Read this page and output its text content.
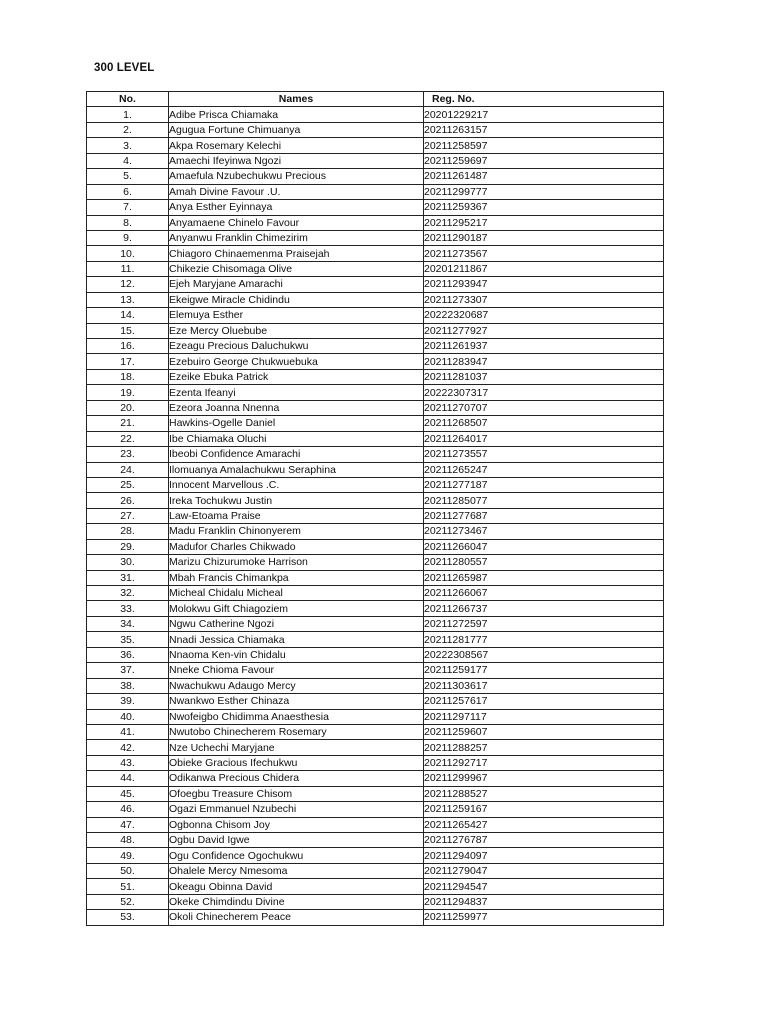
300 LEVEL
No.	Names	Reg. No.
1.	Adibe Prisca Chiamaka	20201229217
2.	Agugua Fortune Chimuanya	20211263157
3.	Akpa Rosemary Kelechi	20211258597
4.	Amaechi Ifeyinwa Ngozi	20211259697
5.	Amaefula Nzubechukwu Precious	20211261487
6.	Amah Divine Favour .U.	20211299777
7.	Anya Esther Eyinnaya	20211259367
8.	Anyamaene Chinelo Favour	20211295217
9.	Anyanwu Franklin Chimezirim	20211290187
10.	Chiagoro Chinaemenma Praisejah	20211273567
11.	Chikezie Chisomaga Olive	20201211867
12.	Ejeh Maryjane Amarachi	20211293947
13.	Ekeigwe Miracle Chidindu	20211273307
14.	Elemuya Esther	20222320687
15.	Eze Mercy Oluebube	20211277927
16.	Ezeagu Precious Daluchukwu	20211261937
17.	Ezebuiro George Chukwuebuka	20211283947
18.	Ezeike Ebuka Patrick	20211281037
19.	Ezenta Ifeanyi	20222307317
20.	Ezeora Joanna Nnenna	20211270707
21.	Hawkins-Ogelle Daniel	20211268507
22.	Ibe Chiamaka Oluchi	20211264017
23.	Ibeobi Confidence Amarachi	20211273557
24.	Ilomuanya Amalachukwu Seraphina	20211265247
25.	Innocent Marvellous .C.	20211277187
26.	Ireka Tochukwu Justin	20211285077
27.	Law-Etoama Praise	20211277687
28.	Madu Franklin Chinonyerem	20211273467
29.	Madufor Charles Chikwado	20211266047
30.	Marizu Chizurumoke Harrison	20211280557
31.	Mbah Francis Chimankpa	20211265987
32.	Micheal Chidalu Micheal	20211266067
33.	Molokwu Gift Chiagoziem	20211266737
34.	Ngwu Catherine Ngozi	20211272597
35.	Nnadi Jessica Chiamaka	20211281777
36.	Nnaoma Ken-vin Chidalu	20222308567
37.	Nneke Chioma Favour	20211259177
38.	Nwachukwu Adaugo Mercy	20211303617
39.	Nwankwo Esther Chinaza	20211257617
40.	Nwofeigbo Chidimma Anaesthesia	20211297117
41.	Nwutobo Chinecherem Rosemary	20211259607
42.	Nze Uchechi Maryjane	20211288257
43.	Obieke Gracious Ifechukwu	20211292717
44.	Odikanwa Precious Chidera	20211299967
45.	Ofoegbu Treasure Chisom	20211288527
46.	Ogazi Emmanuel Nzubechi	20211259167
47.	Ogbonna Chisom Joy	20211265427
48.	Ogbu David Igwe	20211276787
49.	Ogu Confidence Ogochukwu	20211294097
50.	Ohalele Mercy Nmesoma	20211279047
51.	Okeagu Obinna David	20211294547
52.	Okeke Chimdindu Divine	20211294837
53.	Okoli Chinecherem Peace	20211259977
